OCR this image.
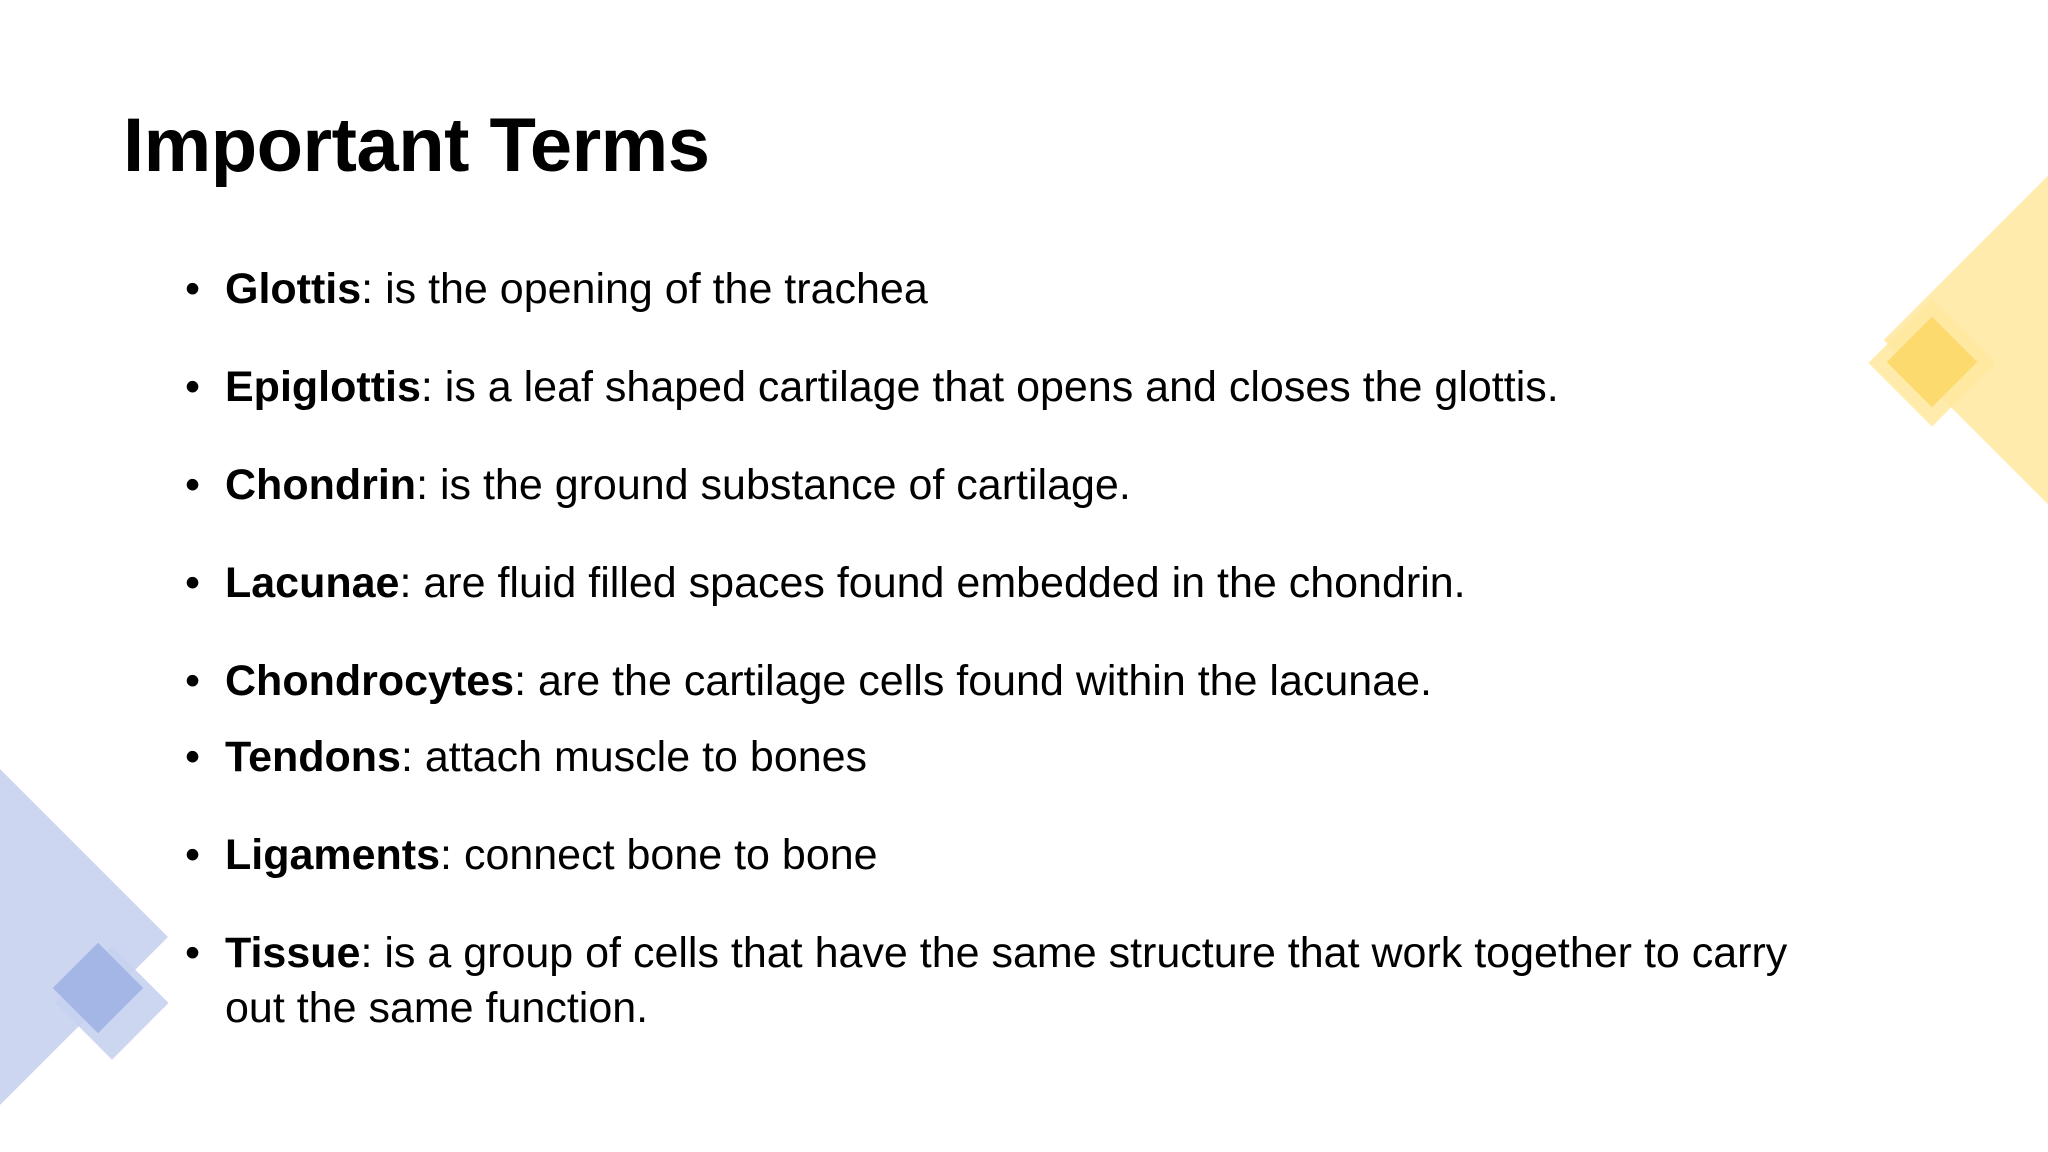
Important Terms
• Glottis: is the opening of the trachea
• Epiglottis: is a leaf shaped cartilage that opens and closes the glottis.
• Chondrin: is the ground substance of cartilage.
• Lacunae: are fluid filled spaces found embedded in the chondrin.
• Chondrocytes: are the cartilage cells found within the lacunae.
• Tendons: attach muscle to bones
• Ligaments: connect bone to bone
• Tissue: is a group of cells that have the same structure that work together to carry out the same function.
